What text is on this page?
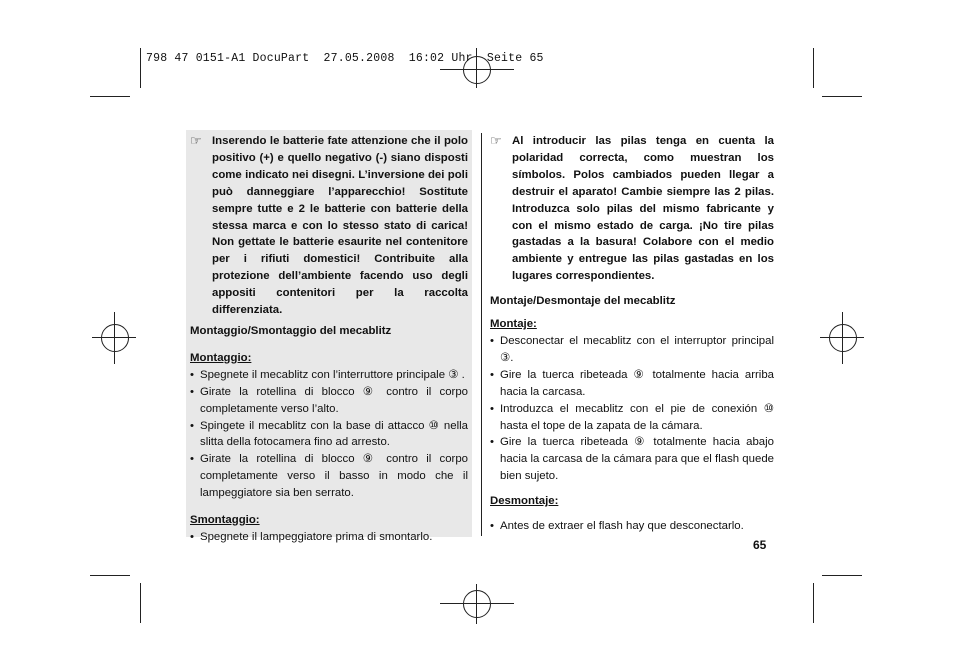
798 47 0151-A1 DocuPart  27.05.2008  16:02 Uhr  Seite 65
☞ Inserendo le batterie fate attenzione che il polo positivo (+) e quello negativo (-) siano disposti come indicato nei disegni. L’inversione dei poli può danneggiare l’apparecchio! Sostitute sempre tutte e 2 le batterie con batterie della stessa marca e con lo stesso stato di carica! Non gettate le batterie esaurite nel contenitore per i rifiuti domestici! Contribuite alla protezione dell’ambiente facendo uso degli appositi contenitori per la raccolta differenziata.
Montaggio/Smontaggio del mecablitz
Montaggio:
• Spegnete il mecablitz con l’interruttore principale ③ .
• Girate la rotellina di blocco ⑨ contro il corpo completamente verso l’alto.
• Spingete il mecablitz con la base di attacco ⑩ nella slitta della fotocamera fino ad arresto.
• Girate la rotellina di blocco ⑨ contro il corpo completamente verso il basso in modo che il lampeggiatore sia ben serrato.
Smontaggio:
• Spegnete il lampeggiatore prima di smontarlo.
☞ Al introducir las pilas tenga en cuenta la polaridad correcta, como muestran los símbolos. Polos cambiados pueden llegar a destruir el aparato! Cambie siempre las 2 pilas. Introduzca solo pilas del mismo fabricante y con el mismo estado de carga. ¡No tire pilas gastadas a la basura! Colabore con el medio ambiente y entregue las pilas gastadas en los lugares correspondientes.
Montaje/Desmontaje del mecablitz
Montaje:
• Desconectar el mecablitz con el interruptor principal ③.
• Gire la tuerca ribeteada ⑨ totalmente hacia arriba hacia la carcasa.
• Introduzca el mecablitz con el pie de conexión ⑩ hasta el tope de la zapata de la cámara.
• Gire la tuerca ribeteada ⑨ totalmente hacia abajo hacia la carcasa de la cámara para que el flash quede bien sujeto.
Desmontaje:
• Antes de extraer el flash hay que desconectarlo.
65
